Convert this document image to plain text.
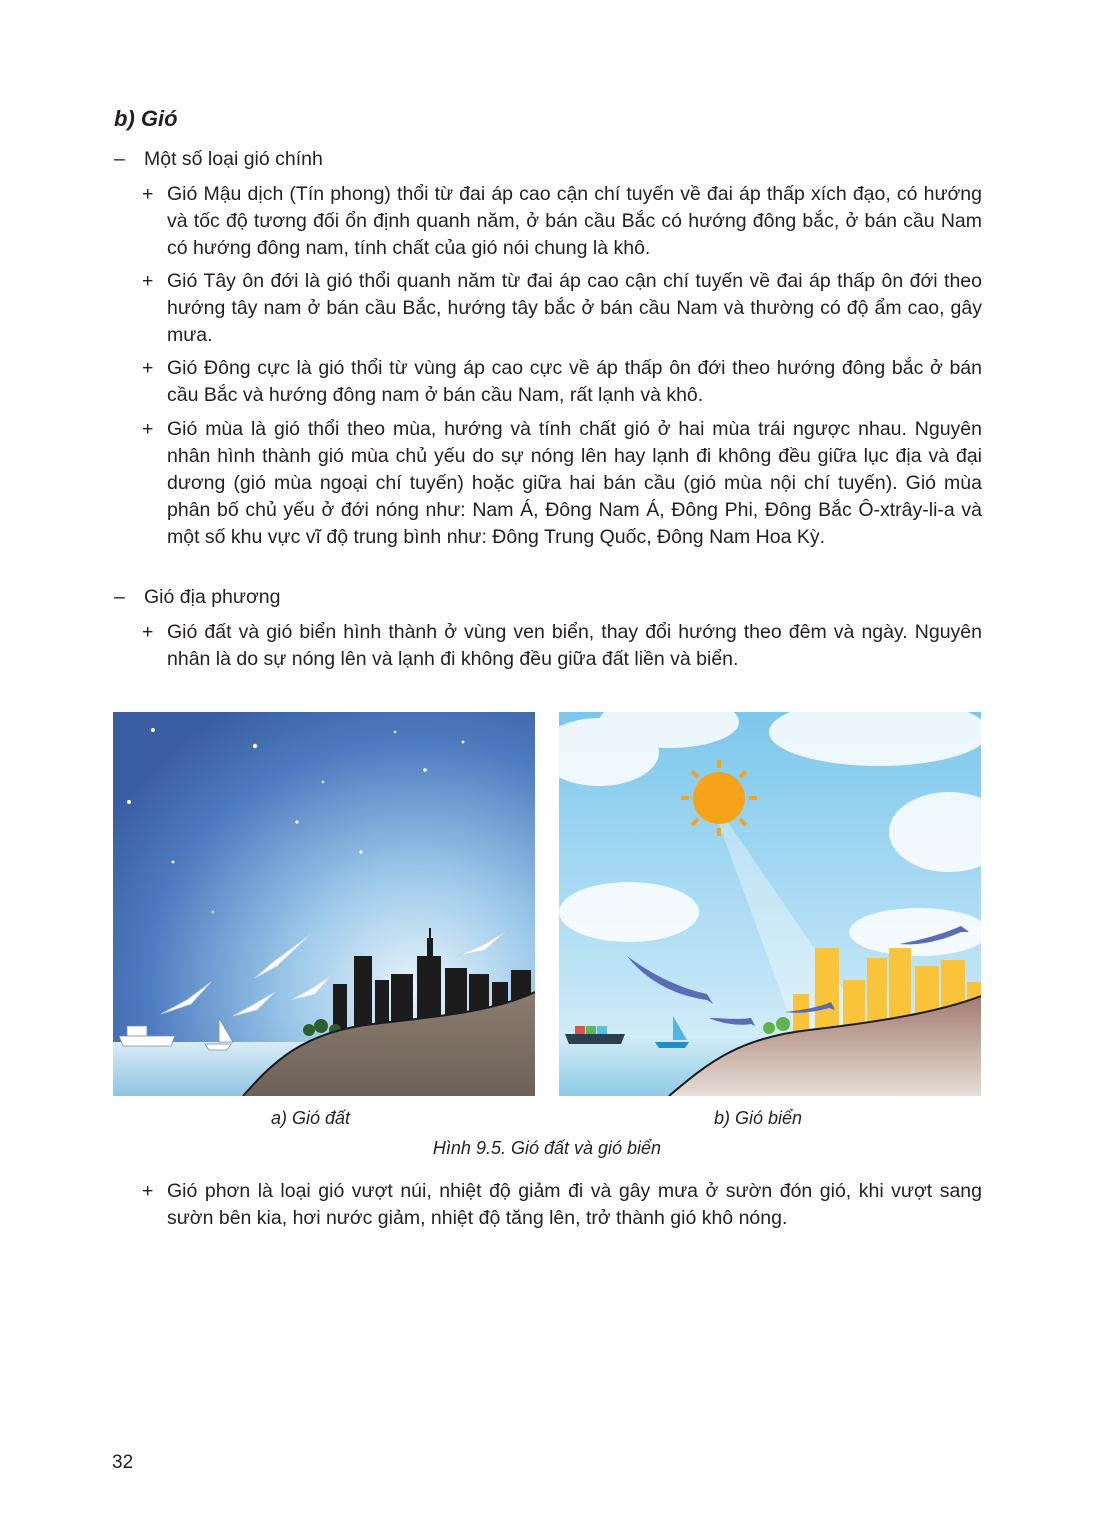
b) Gió
– Một số loại gió chính
+ Gió Mậu dịch (Tín phong) thổi từ đai áp cao cận chí tuyến về đai áp thấp xích đạo, có hướng và tốc độ tương đối ổn định quanh năm, ở bán cầu Bắc có hướng đông bắc, ở bán cầu Nam có hướng đông nam, tính chất của gió nói chung là khô.
+ Gió Tây ôn đới là gió thổi quanh năm từ đai áp cao cận chí tuyến về đai áp thấp ôn đới theo hướng tây nam ở bán cầu Bắc, hướng tây bắc ở bán cầu Nam và thường có độ ẩm cao, gây mưa.
+ Gió Đông cực là gió thổi từ vùng áp cao cực về áp thấp ôn đới theo hướng đông bắc ở bán cầu Bắc và hướng đông nam ở bán cầu Nam, rất lạnh và khô.
+ Gió mùa là gió thổi theo mùa, hướng và tính chất gió ở hai mùa trái ngược nhau. Nguyên nhân hình thành gió mùa chủ yếu do sự nóng lên hay lạnh đi không đều giữa lục địa và đại dương (gió mùa ngoại chí tuyến) hoặc giữa hai bán cầu (gió mùa nội chí tuyến). Gió mùa phân bố chủ yếu ở đới nóng như: Nam Á, Đông Nam Á, Đông Phi, Đông Bắc Ô-xtrây-li-a và một số khu vực vĩ độ trung bình như: Đông Trung Quốc, Đông Nam Hoa Kỳ.
– Gió địa phương
+ Gió đất và gió biển hình thành ở vùng ven biển, thay đổi hướng theo đêm và ngày. Nguyên nhân là do sự nóng lên và lạnh đi không đều giữa đất liền và biển.
a) Gió đất	b) Gió biển
Hình 9.5. Gió đất và gió biển
+ Gió phơn là loại gió vượt núi, nhiệt độ giảm đi và gây mưa ở sườn đón gió, khi vượt sang sườn bên kia, hơi nước giảm, nhiệt độ tăng lên, trở thành gió khô nóng.
32
